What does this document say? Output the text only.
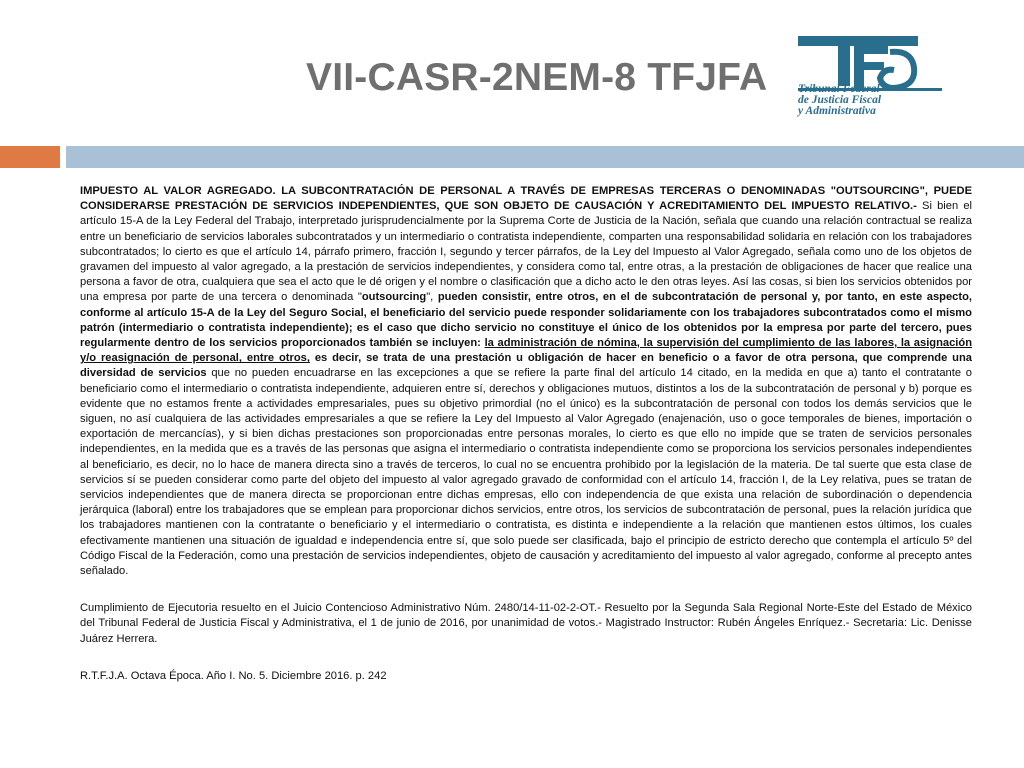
VII-CASR-2NEM-8 TFJFA	Tribunal Federal
de Justicia Fiscal
y Administrativa

IMPUESTO AL VALOR AGREGADO. LA SUBCONTRATACIÓN DE PERSONAL A TRAVÉS DE EMPRESAS TERCERAS O DENOMINADAS "OUTSOURCING", PUEDE CONSIDERARSE PRESTACIÓN DE SERVICIOS INDEPENDIENTES, QUE SON OBJETO DE CAUSACIÓN Y ACREDITAMIENTO DEL IMPUESTO RELATIVO.- Si bien el artículo 15-A de la Ley Federal del Trabajo, interpretado jurisprudencialmente por la Suprema Corte de Justicia de la Nación, señala que cuando una relación contractual se realiza entre un beneficiario de servicios laborales subcontratados y un intermediario o contratista independiente, comparten una responsabilidad solidaria en relación con los trabajadores subcontratados; lo cierto es que el artículo 14, párrafo primero, fracción I, segundo y tercer párrafos, de la Ley del Impuesto al Valor Agregado, señala como uno de los objetos de gravamen del impuesto al valor agregado, a la prestación de servicios independientes, y considera como tal, entre otras, a la prestación de obligaciones de hacer que realice una persona a favor de otra, cualquiera que sea el acto que le dé origen y el nombre o clasificación que a dicho acto le den otras leyes. Así las cosas, si bien los servicios obtenidos por una empresa por parte de una tercera o denominada "outsourcing", pueden consistir, entre otros, en el de subcontratación de personal y, por tanto, en este aspecto, conforme al artículo 15-A de la Ley del Seguro Social, el beneficiario del servicio puede responder solidariamente con los trabajadores subcontratados como el mismo patrón (intermediario o contratista independiente); es el caso que dicho servicio no constituye el único de los obtenidos por la empresa por parte del tercero, pues regularmente dentro de los servicios proporcionados también se incluyen: la administración de nómina, la supervisión del cumplimiento de las labores, la asignación y/o reasignación de personal, entre otros, es decir, se trata de una prestación u obligación de hacer en beneficio o a favor de otra persona, que comprende una diversidad de servicios que no pueden encuadrarse en las excepciones a que se refiere la parte final del artículo 14 citado, en la medida en que a) tanto el contratante o beneficiario como el intermediario o contratista independiente, adquieren entre sí, derechos y obligaciones mutuos, distintos a los de la subcontratación de personal y b) porque es evidente que no estamos frente a actividades empresariales, pues su objetivo primordial (no el único) es la subcontratación de personal con todos los demás servicios que le siguen, no así cualquiera de las actividades empresariales a que se refiere la Ley del Impuesto al Valor Agregado (enajenación, uso o goce temporales de bienes, importación o exportación de mercancías), y si bien dichas prestaciones son proporcionadas entre personas morales, lo cierto es que ello no impide que se traten de servicios personales independientes, en la medida que es a través de las personas que asigna el intermediario o contratista independiente como se proporciona los servicios personales independientes al beneficiario, es decir, no lo hace de manera directa sino a través de terceros, lo cual no se encuentra prohibido por la legislación de la materia. De tal suerte que esta clase de servicios sí se pueden considerar como parte del objeto del impuesto al valor agregado gravado de conformidad con el artículo 14, fracción I, de la Ley relativa, pues se tratan de servicios independientes que de manera directa se proporcionan entre dichas empresas, ello con independencia de que exista una relación de subordinación o dependencia jerárquica (laboral) entre los trabajadores que se emplean para proporcionar dichos servicios, entre otros, los servicios de subcontratación de personal, pues la relación jurídica que los trabajadores mantienen con la contratante o beneficiario y el intermediario o contratista, es distinta e independiente a la relación que mantienen estos últimos, los cuales efectivamente mantienen una situación de igualdad e independencia entre sí, que solo puede ser clasificada, bajo el principio de estricto derecho que contempla el artículo 5º del Código Fiscal de la Federación, como una prestación de servicios independientes, objeto de causación y acreditamiento del impuesto al valor agregado, conforme al precepto antes señalado.

Cumplimiento de Ejecutoria resuelto en el Juicio Contencioso Administrativo Núm. 2480/14-11-02-2-OT.- Resuelto por la Segunda Sala Regional Norte-Este del Estado de México del Tribunal Federal de Justicia Fiscal y Administrativa, el 1 de junio de 2016, por unanimidad de votos.- Magistrado Instructor: Rubén Ángeles Enríquez.- Secretaria: Lic. Denisse Juárez Herrera.

R.T.F.J.A. Octava Época. Año I. No. 5. Diciembre 2016. p. 242
